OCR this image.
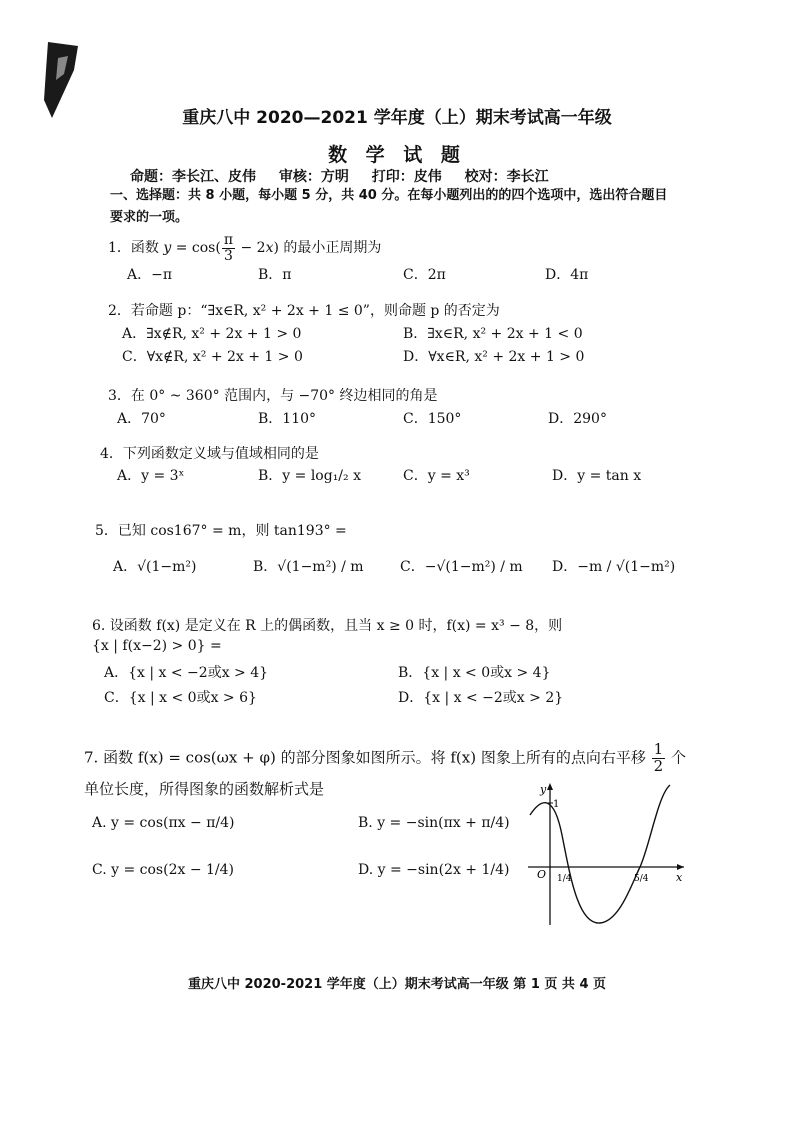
重庆八中 2020—2021 学年度（上）期末考试高一年级
数 学 试 题
命题：李长江、皮伟 审核：方明 打印：皮伟 校对：李长江
一、选择题：共 8 小题，每小题 5 分，共 40 分。在每小题列出的的四个选项中，选出符合题目要求的一项。
1．函数 $y = \cos( \frac{\pi}{3} - 2x)$ 的最小正周期为
A．−π	B．π	C．2π	D．4π
2．若命题 p：“∃x∈R, x² + 2x + 1 ≤ 0”，则命题 p 的否定为
A．∃x∉R, x² + 2x + 1 > 0	B．∃x∈R, x² + 2x + 1 < 0
C．∀x∉R, x² + 2x + 1 > 0	D．∀x∈R, x² + 2x + 1 > 0
3．在 0° ~ 360° 范围内，与 −70° 终边相同的角是
A．70°	B．110°	C．150°	D．290°
4．下列函数定义域与值域相同的是
A．y = 3ˣ	B．y = log₁/₂ x	C．y = x³	D．y = tan x
5．已知 cos167° = m，则 tan193° =
A．√(1−m²)	B．√(1−m²) / m	C．−√(1−m²) / m D．−m / √(1−m²)
6. 设函数 f(x) 是定义在 R 上的偶函数，且当 x ≥ 0 时，f(x) = x³ − 8，则
{x | f(x−2) > 0} =
A．{x | x < −2或x > 4}	B．{x | x < 0或x > 4}
C．{x | x < 0或x > 6}	D．{x | x < −2或x > 2}
7. 函数 f(x) = cos(ωx + φ) 的部分图象如图所示。将 f(x) 图象上所有的点向右平移 $\frac{1}{2}$ 个
单位长度，所得图象的函数解析式是
A. y = cos(πx − π/4)	B. y = −sin(πx + π/4)
C. y = cos(2x − 1/4)	D. y = −sin(2x + 1/4)
y
1
O	x
1/4	5/4
重庆八中 2020-2021 学年度（上）期末考试高一年级 第 1 页 共 4 页
